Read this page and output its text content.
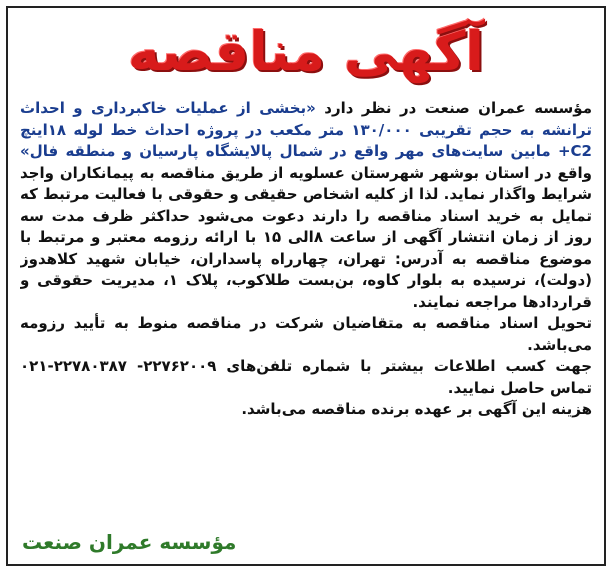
آگهی مناقصه
مؤسسه عمران صنعت در نظر دارد «بخشی از عملیات خاکبرداری و احداث ترانشه به حجم تقریبی ۱۳۰/۰۰۰ متر مکعب در پروژه احداث خط لوله ۱۸اینچ C2+ مابین سایت‌های مهر واقع در شمال پالایشگاه پارسیان و منطقه فال» واقع در استان بوشهر شهرستان عسلویه از طریق مناقصه به پیمانکاران واجد شرایط واگذار نماید. لذا از کلیه اشخاص حقیقی و حقوقی با فعالیت مرتبط که تمایل به خرید اسناد مناقصه را دارند دعوت می‌شود حداکثر ظرف مدت سه روز از زمان انتشار آگهی از ساعت ۸الی ۱۵ با ارائه رزومه معتبر و مرتبط با موضوع مناقصه به آدرس: تهران، چهارراه پاسداران، خیابان شهید کلاهدوز (دولت)، نرسیده به بلوار کاوه، بن‌بست طلاکوب، پلاک ۱، مدیریت حقوقی و قراردادها مراجعه نمایند.
تحویل اسناد مناقصه به متقاضیان شرکت در مناقصه منوط به تأیید رزومه می‌باشد.
جهت کسب اطلاعات بیشتر با شماره تلفن‌های ۲۲۷۶۲۰۰۹- ۲۲۷۸۰۳۸۷-۰۲۱ تماس حاصل نمایید.
هزینه این آگهی بر عهده برنده مناقصه می‌باشد.
مؤسسه عمران صنعت
